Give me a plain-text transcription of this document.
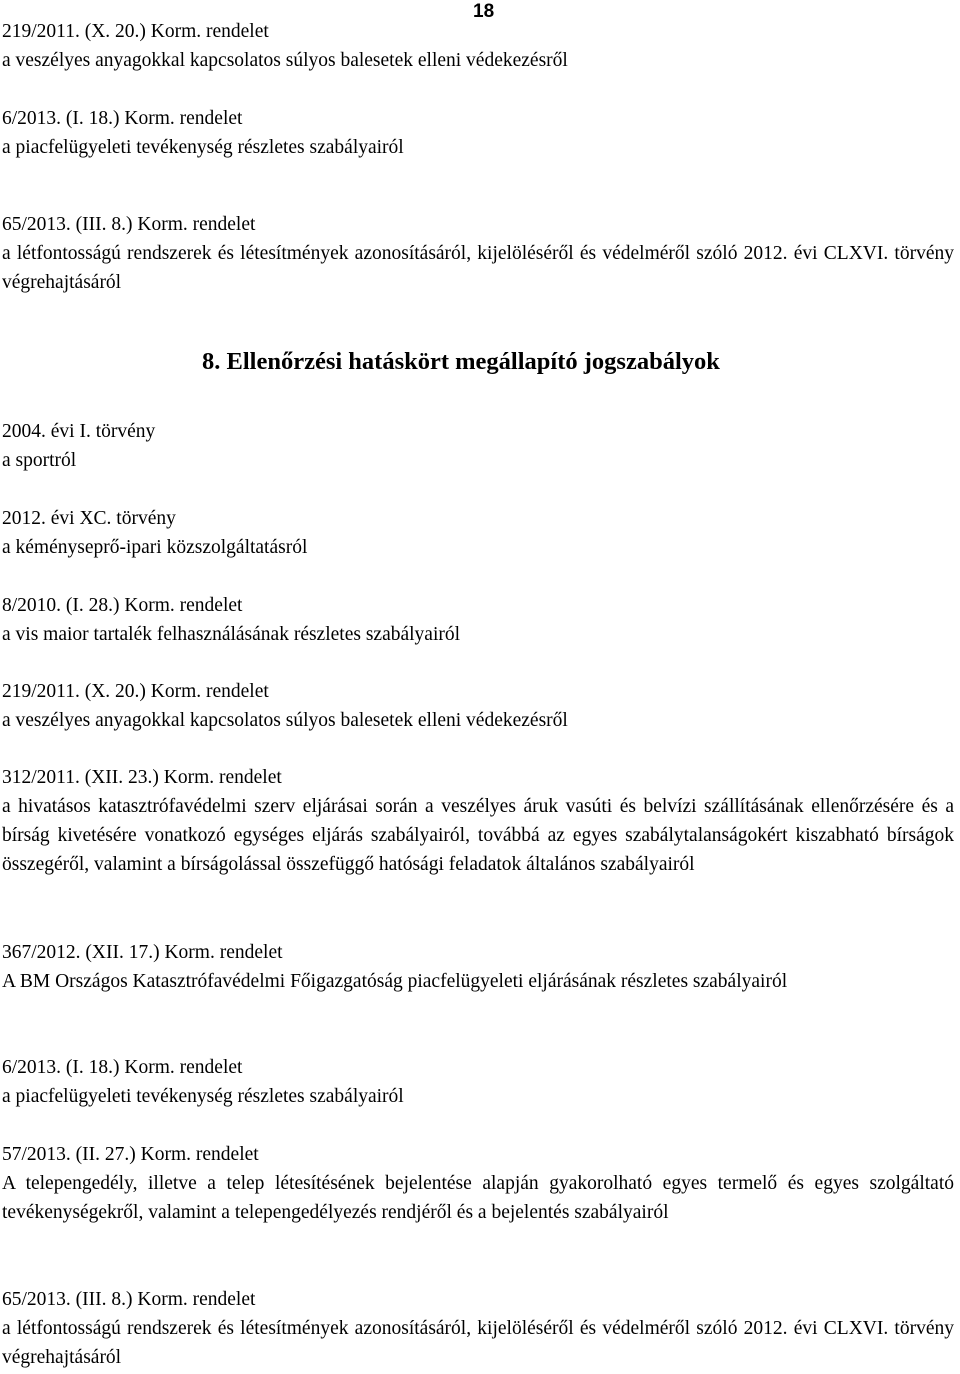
18
219/2011. (X. 20.) Korm. rendelet
a veszélyes anyagokkal kapcsolatos súlyos balesetek elleni védekezésről
6/2013. (I. 18.) Korm. rendelet
a piacfelügyeleti tevékenység részletes szabályairól
65/2013. (III. 8.) Korm. rendelet
a létfontosságú rendszerek és létesítmények azonosításáról, kijelöléséről és védelméről szóló 2012. évi CLXVI. törvény végrehajtásáról
8. Ellenőrzési hatáskört megállapító jogszabályok
2004. évi I. törvény
a sportról
2012. évi XC. törvény
a kéményseprő-ipari közszolgáltatásról
8/2010. (I. 28.) Korm. rendelet
a vis maior tartalék felhasználásának részletes szabályairól
219/2011. (X. 20.) Korm. rendelet
a veszélyes anyagokkal kapcsolatos súlyos balesetek elleni védekezésről
312/2011. (XII. 23.) Korm. rendelet
a hivatásos katasztrófavédelmi szerv eljárásai során a veszélyes áruk vasúti és belvízi szállításának ellenőrzésére és a bírság kivetésére vonatkozó egységes eljárás szabályairól, továbbá az egyes szabálytalanságokért kiszabható bírságok összegéről, valamint a bírságolással összefüggő hatósági feladatok általános szabályairól
367/2012. (XII. 17.) Korm. rendelet
A BM Országos Katasztrófavédelmi Főigazgatóság piacfelügyeleti eljárásának részletes szabályairól
6/2013. (I. 18.) Korm. rendelet
a piacfelügyeleti tevékenység részletes szabályairól
57/2013. (II. 27.) Korm. rendelet
A telepengedély, illetve a telep létesítésének bejelentése alapján gyakorolható egyes termelő és egyes szolgáltató tevékenységekről, valamint a telepengedélyezés rendjéről és a bejelentés szabályairól
65/2013. (III. 8.) Korm. rendelet
a létfontosságú rendszerek és létesítmények azonosításáról, kijelöléséről és védelméről szóló 2012. évi CLXVI. törvény végrehajtásáról
